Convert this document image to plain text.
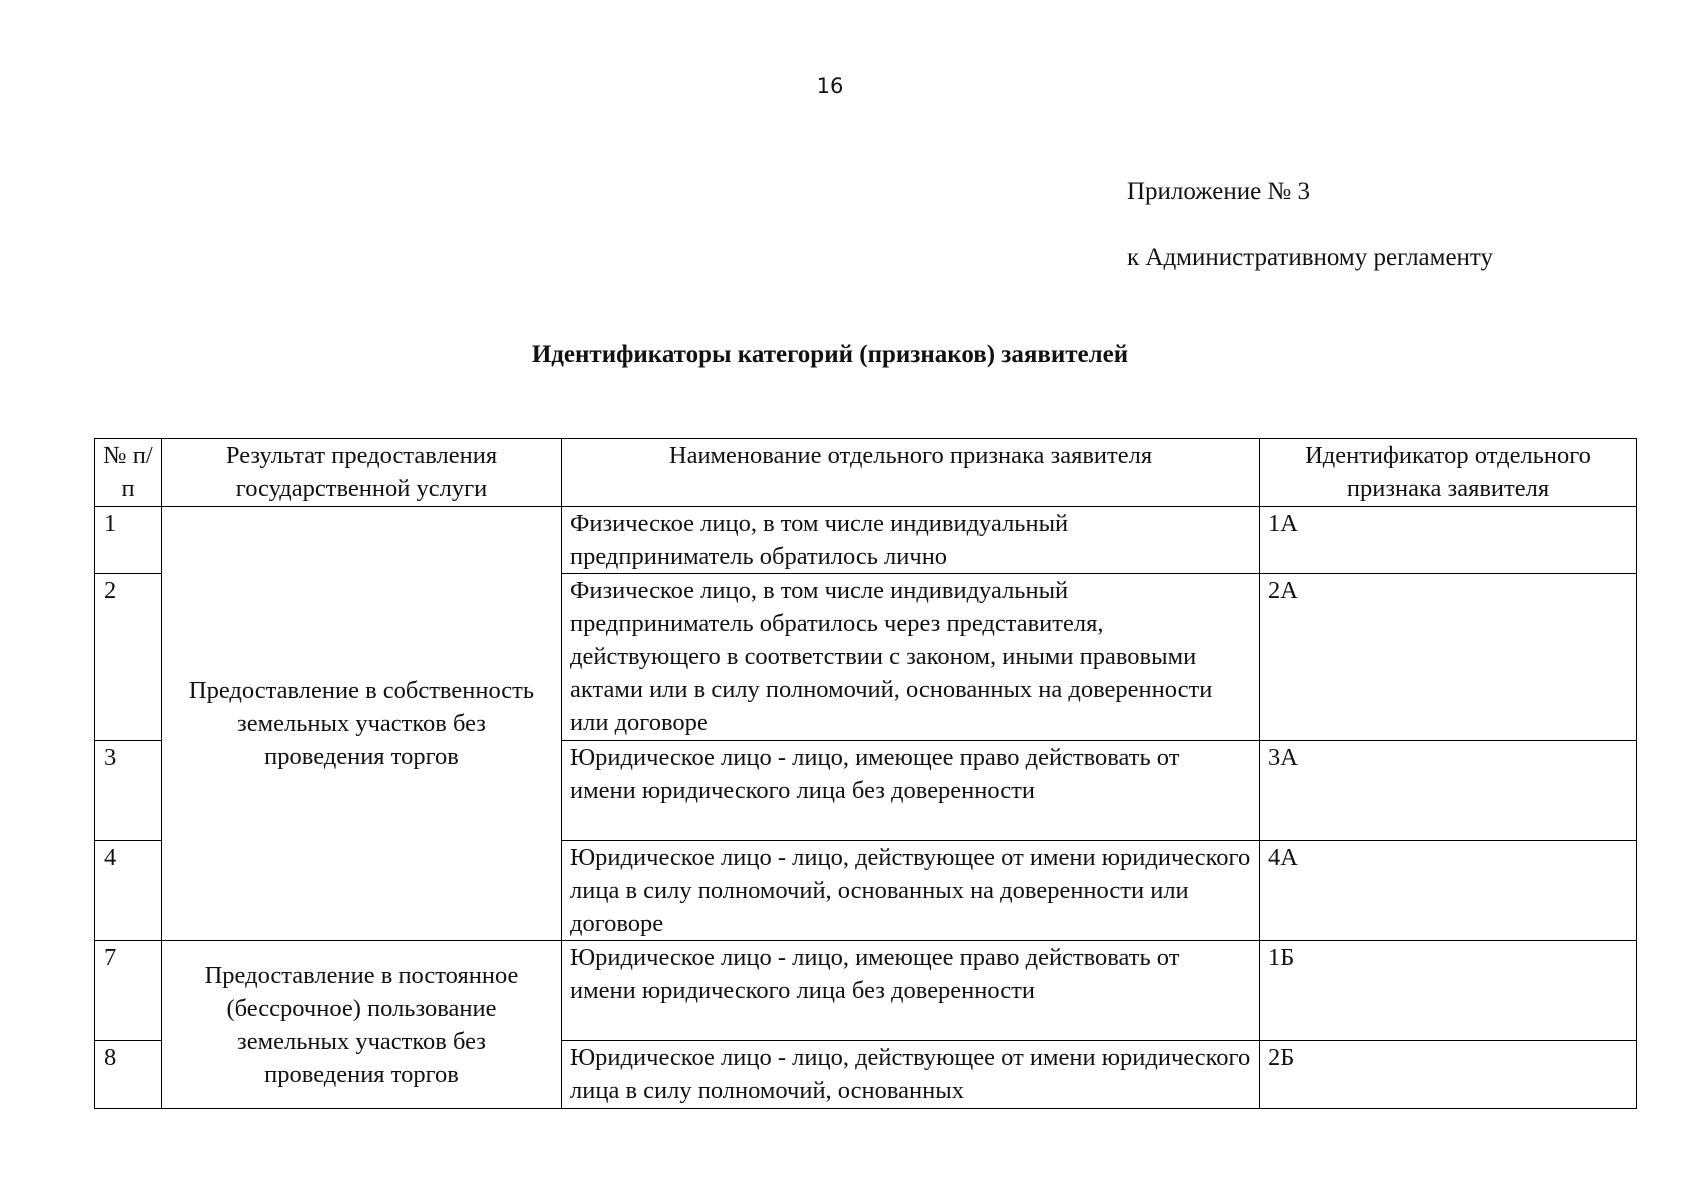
16
Приложение № 3
к Административному регламенту
Идентификаторы категорий (признаков) заявителей
№ п/п	Результат предоставления государственной услуги	Наименование отдельного признака заявителя	Идентификатор отдельного признака заявителя
1	Предоставление в собственность земельных участков без проведения торгов	Физическое лицо, в том числе индивидуальный предприниматель обратилось лично	1А
2		Физическое лицо, в том числе индивидуальный предприниматель обратилось через представителя, действующего в соответствии с законом, иными правовыми актами или в силу полномочий, основанных на доверенности или договоре	2А
3		Юридическое лицо - лицо, имеющее право действовать от имени юридического лица без доверенности	3А
4		Юридическое лицо - лицо, действующее от имени юридического лица в силу полномочий, основанных на доверенности или договоре	4А
7	Предоставление в постоянное (бессрочное) пользование земельных участков без проведения торгов	Юридическое лицо - лицо, имеющее право действовать от имени юридического лица без доверенности	1Б
8		Юридическое лицо - лицо, действующее от имени юридического лица в силу полномочий, основанных	2Б
